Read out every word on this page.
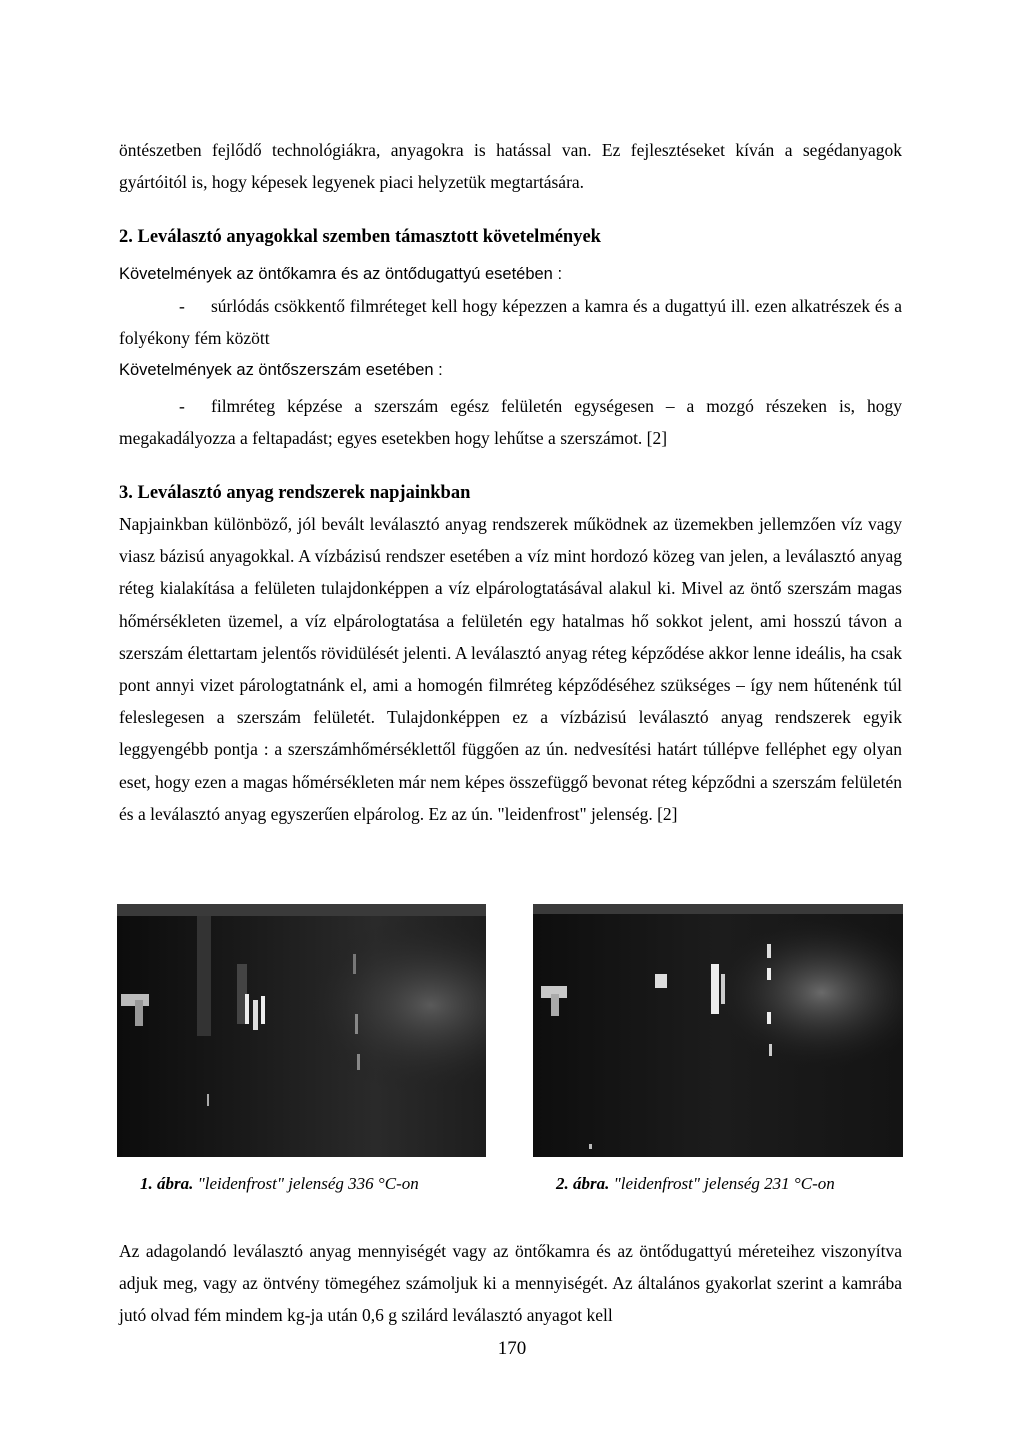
öntészetben fejlődő technológiákra, anyagokra is hatással van. Ez fejlesztéseket kíván a segédanyagok gyártóitól is, hogy képesek legyenek piaci helyzetük megtartására.

2. Leválasztó anyagokkal szemben támasztott követelmények

Követelmények az öntőkamra és az öntődugattyú esetében :

- súrlódás csökkentő filmréteget kell hogy képezzen a kamra és a dugattyú ill. ezen alkatrészek és a folyékony fém között

Követelmények az öntőszerszám esetében :

- filmréteg képzése a szerszám egész felületén egységesen – a mozgó részeken is, hogy megakadályozza a feltapadást; egyes esetekben hogy lehűtse a szerszámot. [2]

3. Leválasztó anyag rendszerek napjainkban

Napjainkban különböző, jól bevált leválasztó anyag rendszerek működnek az üzemekben jellemzően víz vagy viasz bázisú anyagokkal. A vízbázisú rendszer esetében a víz mint hordozó közeg van jelen, a leválasztó anyag réteg kialakítása a felületen tulajdonképpen a víz elpárologtatásával alakul ki. Mivel az öntő szerszám magas hőmérsékleten üzemel, a víz elpárologtatása a felületén egy hatalmas hő sokkot jelent, ami hosszú távon a szerszám élettartam jelentős rövidülését jelenti. A leválasztó anyag réteg képződése akkor lenne ideális, ha csak pont annyi vizet párologtatnánk el, ami a homogén filmréteg képződéséhez szükséges – így nem hűtenénk túl feleslegesen a szerszám felületét. Tulajdonképpen ez a vízbázisú leválasztó anyag rendszerek egyik leggyengébb pontja : a szerszámhőmérséklettől függően az ún. nedvesítési határt túllépve felléphet egy olyan eset, hogy ezen a magas hőmérsékleten már nem képes összefüggő bevonat réteg képződni a szerszám felületén és a leválasztó anyag egyszerűen elpárolog. Ez az ún. "leidenfrost" jelenség. [2]

1. ábra. "leidenfrost" jelenség 336 °C-on	2. ábra. "leidenfrost" jelenség 231 °C-on

Az adagolandó leválasztó anyag mennyiségét vagy az öntőkamra és az öntődugattyú méreteihez viszonyítva adjuk meg, vagy az öntvény tömegéhez számoljuk ki a mennyiségét. Az általános gyakorlat szerint a kamrába jutó olvad fém mindem kg-ja után 0,6 g szilárd leválasztó anyagot kell

170
